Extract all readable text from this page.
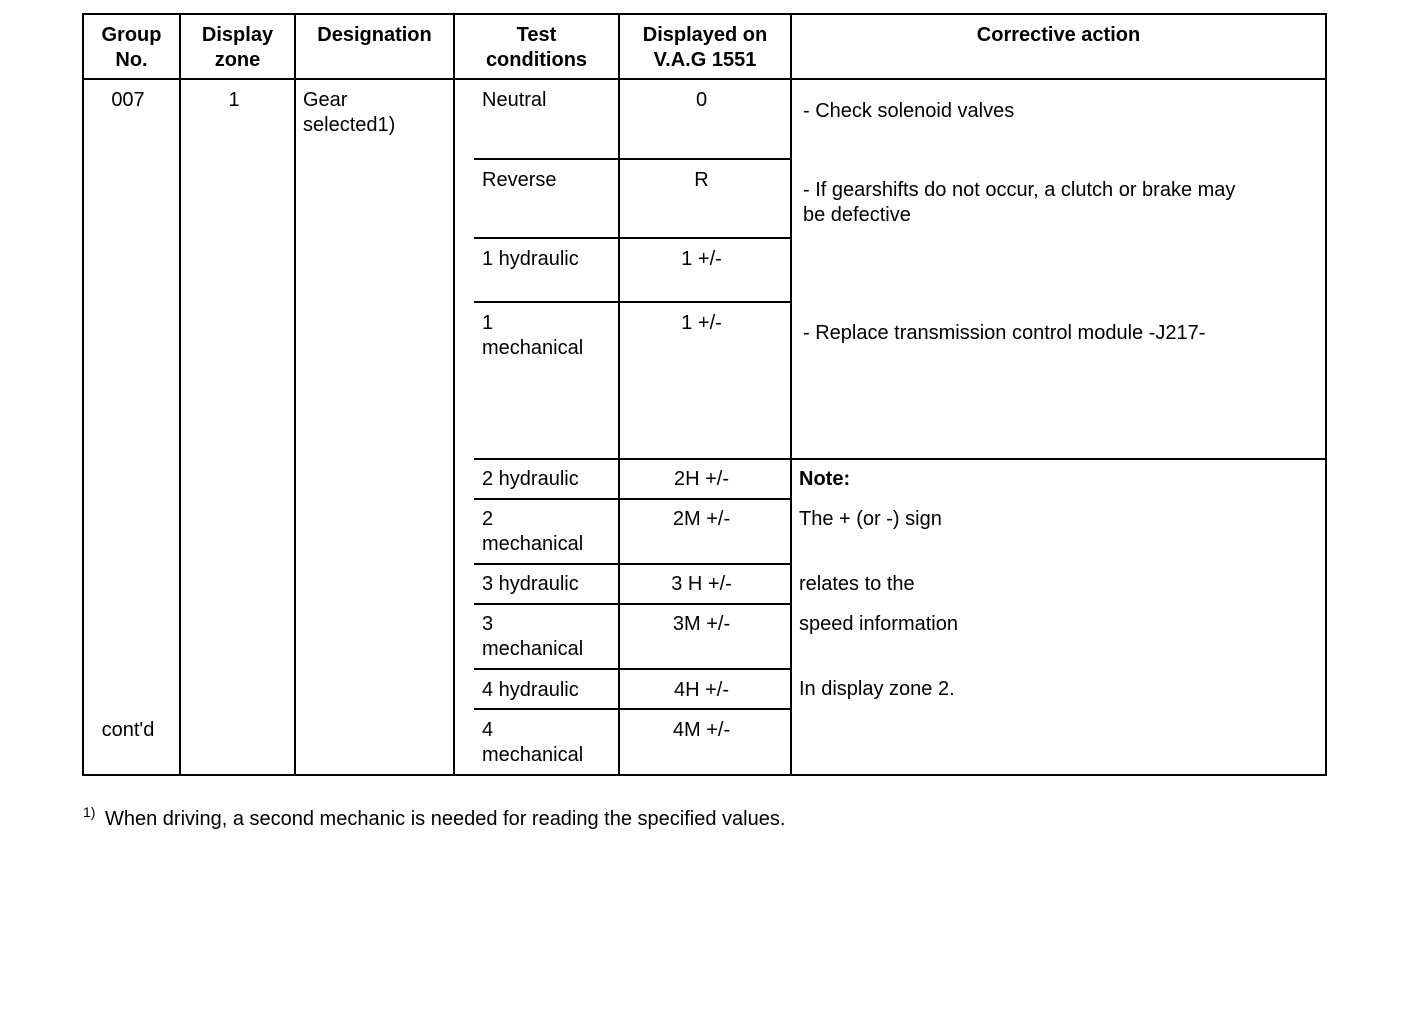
Group
No.
Display
zone
Designation	Test
conditions
Displayed on
V.A.G 1551
Corrective action
007
cont'd
1	Gear
selected1)
Neutral
Reverse
1 hydraulic
1
mechanical
2 hydraulic
2
mechanical
3 hydraulic
3
mechanical
4 hydraulic
4
mechanical
0
R
1 +/-
1 +/-
2H +/-
2M +/-
3 H +/-
3M +/-
4H +/-
4M +/-
- Check solenoid valves
- If gearshifts do not occur, a clutch or brake may
be defective
- Replace transmission control module -J217-
Note:
The + (or -) sign
relates to the
speed information
In display zone 2.
1) When driving, a second mechanic is needed for reading the specified values.
